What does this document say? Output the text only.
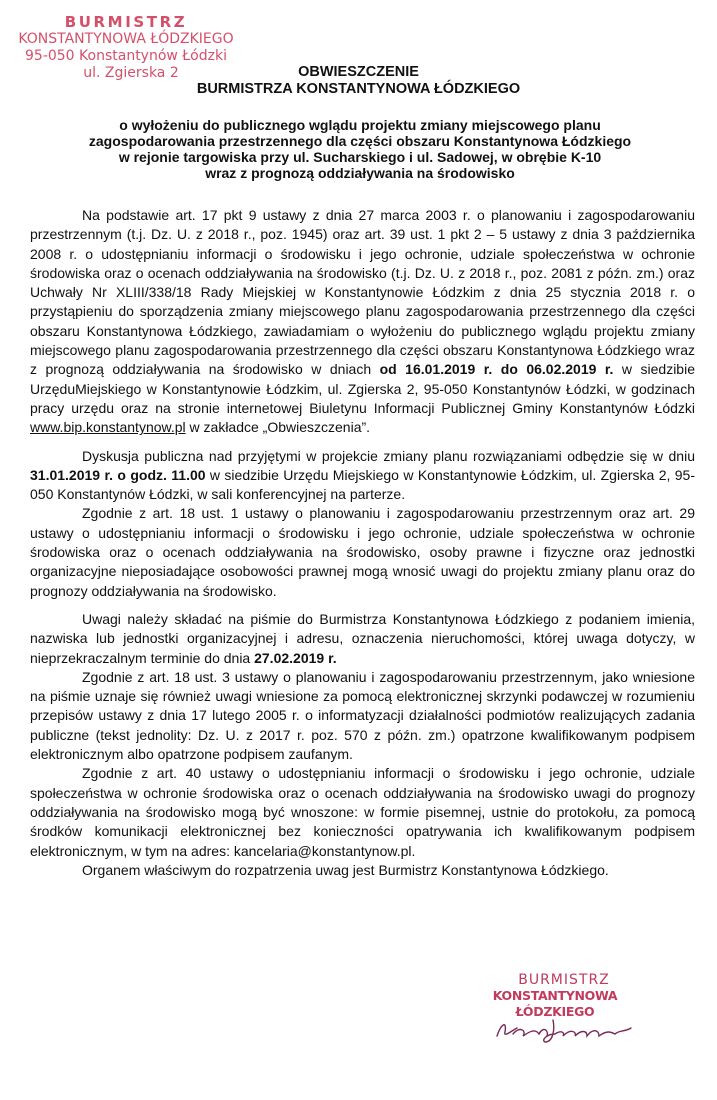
BURMISTRZ
KONSTANTYNOWA ŁÓDZKIEGO
95-050 Konstantynów Łódzki
ul. Zgierska 2	OBWIESZCZENIE
BURMISTRZA KONSTANTYNOWA ŁÓDZKIEGO
o wyłożeniu do publicznego wglądu projektu zmiany miejscowego planu
zagospodarowania przestrzennego dla części obszaru Konstantynowa Łódzkiego
w rejonie targowiska przy ul. Sucharskiego i ul. Sadowej, w obrębie K-10
wraz z prognozą oddziaływania na środowisko

Na podstawie art. 17 pkt 9 ustawy z dnia 27 marca 2003 r. o planowaniu i zagospodarowaniu przestrzennym (t.j. Dz. U. z 2018 r., poz. 1945) oraz art. 39 ust. 1 pkt 2 – 5 ustawy z dnia 3 października 2008 r. o udostępnianiu informacji o środowisku i jego ochronie, udziale społeczeństwa w ochronie środowiska oraz o ocenach oddziaływania na środowisko (t.j. Dz. U. z 2018 r., poz. 2081 z późn. zm.) oraz Uchwały Nr XLIII/338/18 Rady Miejskiej w Konstantynowie Łódzkim z dnia 25 stycznia 2018 r. o przystąpieniu do sporządzenia zmiany miejscowego planu zagospodarowania przestrzennego dla części obszaru Konstantynowa Łódzkiego, zawiadamiam o wyłożeniu do publicznego wglądu projektu zmiany miejscowego planu zagospodarowania przestrzennego dla części obszaru Konstantynowa Łódzkiego wraz z prognozą oddziaływania na środowisko w dniach od 16.01.2019 r. do 06.02.2019 r. w siedzibie UrzęduMiejskiego w Konstantynowie Łódzkim, ul. Zgierska 2, 95-050 Konstantynów Łódzki, w godzinach pracy urzędu oraz na stronie internetowej Biuletynu Informacji Publicznej Gminy Konstantynów Łódzki www.bip.konstantynow.pl w zakładce „Obwieszczenia”.

Dyskusja publiczna nad przyjętymi w projekcie zmiany planu rozwiązaniami odbędzie się w dniu 31.01.2019 r. o godz. 11.00 w siedzibie Urzędu Miejskiego w Konstantynowie Łódzkim, ul. Zgierska 2, 95-050 Konstantynów Łódzki, w sali konferencyjnej na parterze.

Zgodnie z art. 18 ust. 1 ustawy o planowaniu i zagospodarowaniu przestrzennym oraz art. 29 ustawy o udostępnianiu informacji o środowisku i jego ochronie, udziale społeczeństwa w ochronie środowiska oraz o ocenach oddziaływania na środowisko, osoby prawne i fizyczne oraz jednostki organizacyjne nieposiadające osobowości prawnej mogą wnosić uwagi do projektu zmiany planu oraz do prognozy oddziaływania na środowisko.

Uwagi należy składać na piśmie do Burmistrza Konstantynowa Łódzkiego z podaniem imienia, nazwiska lub jednostki organizacyjnej i adresu, oznaczenia nieruchomości, której uwaga dotyczy, w nieprzekraczalnym terminie do dnia 27.02.2019 r.

Zgodnie z art. 18 ust. 3 ustawy o planowaniu i zagospodarowaniu przestrzennym, jako wniesione na piśmie uznaje się również uwagi wniesione za pomocą elektronicznej skrzynki podawczej w rozumieniu przepisów ustawy z dnia 17 lutego 2005 r. o informatyzacji działalności podmiotów realizujących zadania publiczne (tekst jednolity: Dz. U. z 2017 r. poz. 570 z późn. zm.) opatrzone kwalifikowanym podpisem elektronicznym albo opatrzone podpisem zaufanym.

Zgodnie z art. 40 ustawy o udostępnianiu informacji o środowisku i jego ochronie, udziale społeczeństwa w ochronie środowiska oraz o ocenach oddziaływania na środowisko uwagi do prognozy oddziaływania na środowisko mogą być wnoszone: w formie pisemnej, ustnie do protokołu, za pomocą środków komunikacji elektronicznej bez konieczności opatrywania ich kwalifikowanym podpisem elektronicznym, w tym na adres: kancelaria@konstantynow.pl.

Organem właściwym do rozpatrzenia uwag jest Burmistrz Konstantynowa Łódzkiego.

BURMISTRZ
KONSTANTYNOWA ŁÓDZKIEGO
